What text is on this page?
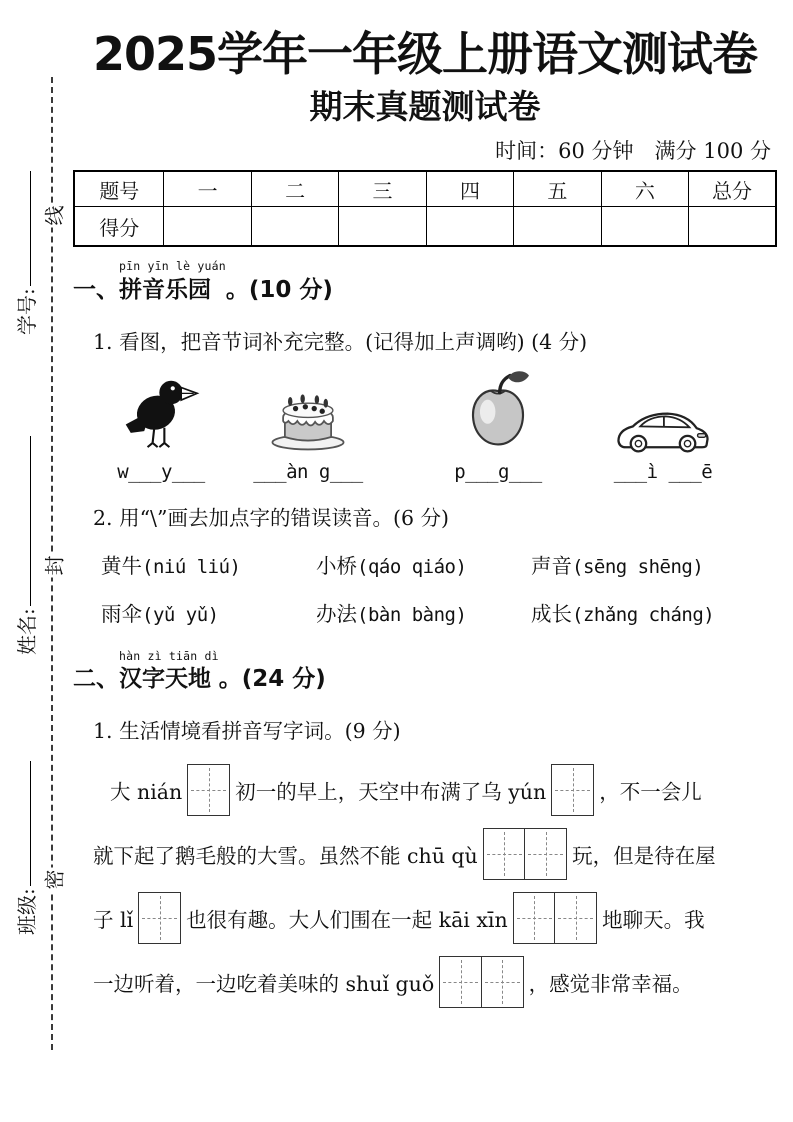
线
封
密
学号:
姓名:
班级:
2025学年一年级上册语文测试卷
期末真题测试卷
时间：60 分钟　满分 100 分
题号	一	二	三	四	五	六	总分
得分							
一、
pīn yīn lè yuán
拼音乐园 。(10 分)
1. 看图，把音节词补充完整。(记得加上声调哟) (4 分)
w___y___	___àn g___	p___g___	___ì ___ē
2. 用“\”画去加点字的错误读音。(6 分)
黄牛(niú liú)	小桥(qáo qiáo)	声音(sēng shēng)
雨伞(yǔ yǔ)	办法(bàn bàng)	成长(zhǎng cháng)
二、
hàn zì tiān dì
汉字天地 。(24 分)
1. 生活情境看拼音写字词。(9 分)
大 nián	初一的早上，天空中布满了乌 yún	，不一会儿
就下起了鹅毛般的大雪。虽然不能 chū qù	玩，但是待在屋
子 lǐ	也很有趣。大人们围在一起 kāi xīn	地聊天。我
一边听着，一边吃着美味的 shuǐ guǒ	，感觉非常幸福。
